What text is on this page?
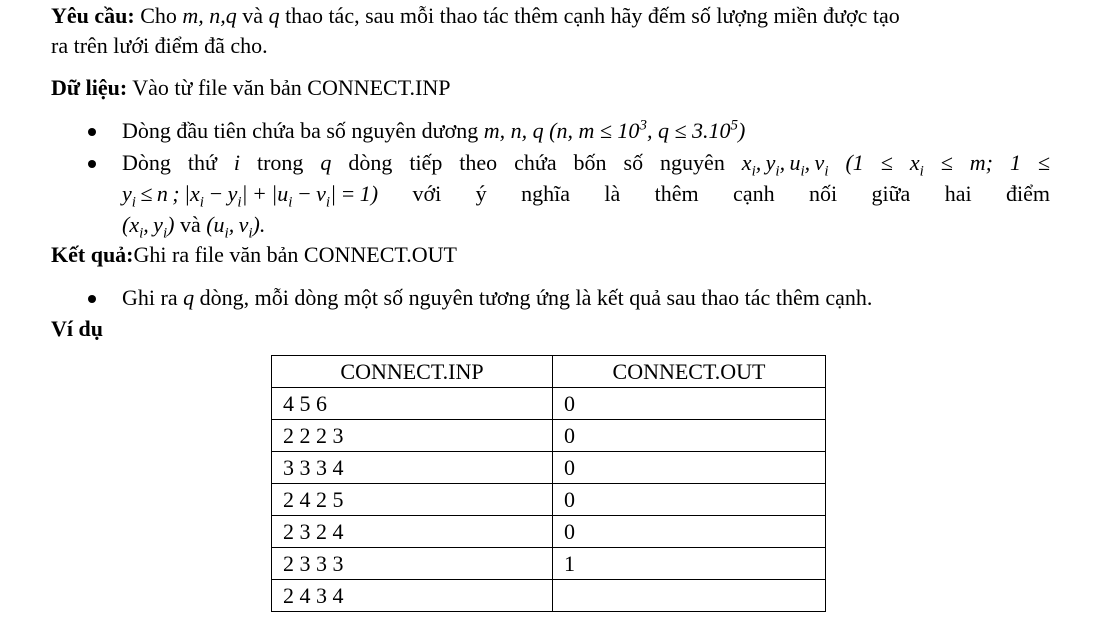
Yêu cầu: Cho m, n,q và q thao tác, sau mỗi thao tác thêm cạnh hãy đếm số lượng miền được tạo
ra trên lưới điểm đã cho.
Dữ liệu: Vào từ file văn bản CONNECT.INP
Dòng đầu tiên chứa ba số nguyên dương m, n, q (n, $m \le 10^3$, $q \le 3.10^5$)
Dòng thứ i trong q dòng tiếp theo chứa bốn số nguyên $x_i$, $y_i$, $u_i$, $v_i$ ($1 \le x_i \le m$; 1 ≤
$y_i \le n$ ; $|x_i - y_i| + |u_i - v_i| = 1$) với ý nghĩa là thêm cạnh nối giữa hai điểm
($x_i$, $y_i$) và ($u_i$, $v_i$).
Kết quả:Ghi ra file văn bản CONNECT.OUT
Ghi ra q dòng, mỗi dòng một số nguyên tương ứng là kết quả sau thao tác thêm cạnh.
Ví dụ
CONNECT.INP	CONNECT.OUT
4 5 6	0
2 2 2 3	0
3 3 3 4	0
2 4 2 5	0
2 3 2 4	0
2 3 3 3	1
2 4 3 4	
